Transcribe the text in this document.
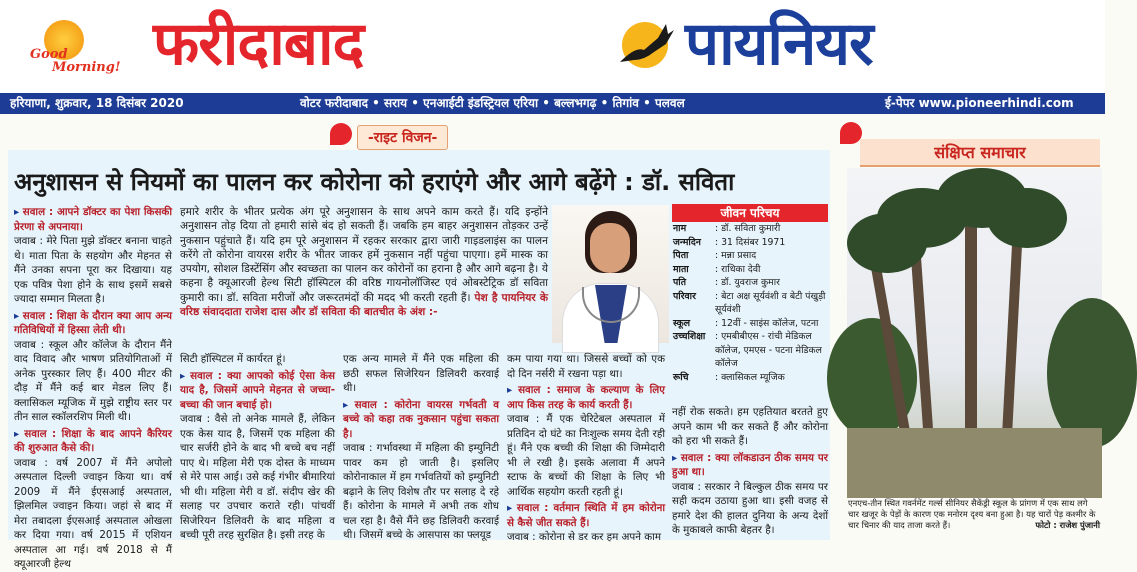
Good
Morning! फरीदाबाद	पायनियर
हरियाणा, शुक्रवार, 18 दिसंबर 2020	वोटर फरीदाबाद • सराय • एनआईटी इंडस्ट्रियल एरिया • बल्लभगढ़ • तिगांव • पलवल	ई-पेपर www.pioneerhindi.com
-राइट विजन-
अनुशासन से नियमों का पालन कर कोरोना को हराएंगे और आगे बढ़ेंगे : डॉ. सविता

▸ सवाल : आपने डॉक्टर का पेशा किसकी प्रेरणा से अपनाया।
जवाब : मेरे पिता मुझे डॉक्टर बनाना चाहते थे। माता पिता के सहयोग और मेहनत से मैंने उनका सपना पूरा कर दिखाया। यह एक पवित्र पेशा होने के साथ इसमें सबसे ज्यादा सम्मान मिलता है।

▸ सवाल : शिक्षा के दौरान क्या आप अन्य गतिविधियों में हिस्सा लेती थी।
जवाब : स्कूल और कॉलेज के दौरान मैंने वाद विवाद और भाषण प्रतियोगिताओं में अनेक पुरस्कार लिए हैं। 400 मीटर की दौड़ में मैंने कई बार मेडल लिए हैं। क्लासिकल म्यूजिक में मुझे राष्ट्रीय स्तर पर तीन साल स्कॉलरशिप मिली थी।

▸ सवाल : शिक्षा के बाद आपने कैरियर की शुरुआत कैसे की।
जवाब : वर्ष 2007 में मैंने अपोलो अस्पताल दिल्ली ज्वाइन किया था। वर्ष 2009 में मैंने ईएसआई अस्पताल, झिलमिल ज्वाइन किया। जहां से बाद में मेरा तबादला ईएसआई अस्पताल ओखला कर दिया गया। वर्ष 2015 में एशियन अस्पताल आ गई। वर्ष 2018 से मैं क्यूआरजी हेल्थ

हमारे शरीर के भीतर प्रत्येक अंग पूरे अनुशासन के साथ अपने काम करते हैं। यदि इन्होंने अनुशासन तोड़ दिया तो हमारी सांसे बंद हो सकती हैं। जबकि हम बाहर अनुशासन तोड़कर उन्हें नुकसान पहुंचाते हैं। यदि हम पूरे अनुशासन में रहकर सरकार द्वारा जारी गाइडलाइंस का पालन करेंगे तो कोरोना वायरस शरीर के भीतर जाकर हमें नुकसान नहीं पहुंचा पाएगा। हमें मास्क का उपयोग, सोशल डिस्टेंसिंग और स्वच्छता का पालन कर कोरोनों का हराना है और आगे बढ़ना है। ये कहना है क्यूआरजी हेल्थ सिटी हॉस्पिटल की वरिष्ठ गायनोलॉजिस्ट एवं ओबस्टेट्रिक डॉ सविता कुमारी का। डॉ. सविता मरीजों और जरूरतमंदों की मदद भी करती रहती हैं। पेश है पायनियर के वरिष्ठ संवाददाता राजेश दास और डॉ सविता की बातचीत के अंश :-
जीवन परिचय
नाम	: डॉ. सविता कुमारी
जन्मदिन	: 31 दिसंबर 1971
पिता	: मन्ना प्रसाद
माता	: राधिका देवी
पति	: डॉ. युवराज कुमार
परिवार	: बेटा अक्ष सूर्यवंशी व बेटी पंखुड़ी सूर्यवंशी
स्कूल	: 12वीं - साइंस कॉलेज, पटना
उच्चशिक्षा	: एमबीबीएस - रांची मेडिकल कॉलेज, एमएस - पटना मेडिकल कॉलेज
रूचि	: क्लासिकल म्यूजिक

सिटी हॉस्पिटल में कार्यरत हूं।

▸ सवाल : क्या आपको कोई ऐसा केस याद है, जिसमें आपने मेहनत से जच्चा-बच्चा की जान बचाई हो।
जवाब : वैसे तो अनेक मामले हैं, लेकिन एक केस याद है, जिसमें एक महिला की चार सर्जरी होने के बाद भी बच्चे बच नहीं पाए थे। महिला मेरी एक दोस्त के माध्यम से मेरे पास आई। उसे कई गंभीर बीमारियां भी थी। महिला मेरी व डॉ. संदीप खेर की सलाह पर उपचार कराते रही। पांचवीं सिजेरियन डिलिवरी के बाद महिला व बच्ची पूरी तरह सुरक्षित है। इसी तरह के

एक अन्य मामले में मैंने एक महिला की छठी सफल सिजेरियन डिलिवरी करवाई थी।

▸ सवाल : कोरोना वायरस गर्भवती व बच्चे को कहा तक नुकसान पहुंचा सकता है।
जवाब : गर्भावस्था में महिला की इम्युनिटी पावर कम हो जाती है। इसलिए कोरोनाकाल में हम गर्भवतियों को इम्युनिटी बढ़ाने के लिए विशेष तौर पर सलाह दे रहे हैं। कोरोना के मामले में अभी तक शोध चल रहा है। वैसे मैंने छह डिलिवरी करवाई थी। जिसमें बच्चे के आसपास का फ्लयूड

कम पाया गया था। जिससे बच्चों को एक दो दिन नर्सरी में रखना पड़ा था।

▸ सवाल : समाज के कल्याण के लिए आप किस तरह के कार्य करती हैं।
जवाब : मैं एक चेरिटेबल अस्पताल में प्रतिदिन दो घंटे का निःशुल्क समय देती रही हूं। मैंने एक बच्ची की शिक्षा की जिम्मेदारी भी ले रखी है। इसके अलावा मैं अपने स्टाफ के बच्चों की शिक्षा के लिए भी आर्थिक सहयोग करती रहती हूं।

▸ सवाल : वर्तमान स्थिति में हम कोरोना से कैसे जीत सकते हैं।
जवाब : कोरोना से डर कर हम अपने काम

नहीं रोक सकते। हम एहतियात बरतते हुए अपने काम भी कर सकते हैं और कोरोना को हरा भी सकते हैं।

▸ सवाल : क्या लॉकडाउन ठीक समय पर हुआ था।
जवाब : सरकार ने बिल्कुल ठीक समय पर सही कदम उठाया हुआ था। इसी वजह से हमारे देश की हालत दुनिया के अन्य देशों के मुकाबले काफी बेहतर है।

संक्षिप्त समाचार
एनएच-तीन स्थित गवर्नमेंट गर्ल्स सीनियर सैकेंड्री स्कूल के प्रांगण में एक साथ लगे चार खजूर के पेड़ों के कारण एक मनोरम दृश्य बना हुआ है। यह चारों पेड़ कश्मीर के चार चिनार की याद ताजा करते हैं।	फोटो : राजेश पुंजानी
